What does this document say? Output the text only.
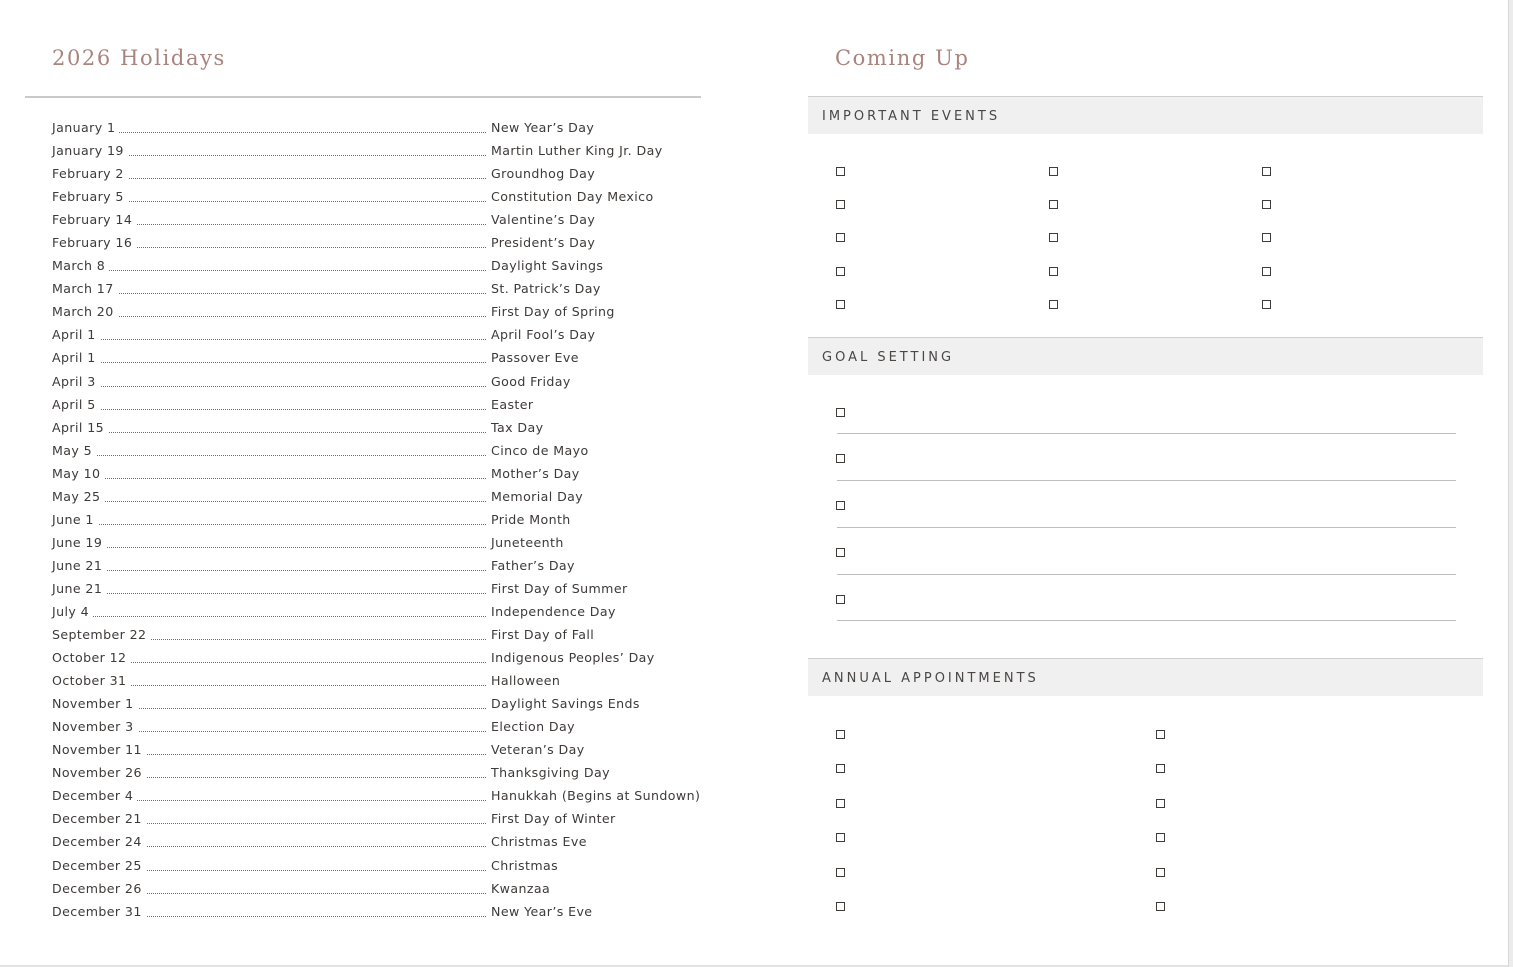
2026 Holidays
January 1	New Year’s Day
January 19	Martin Luther King Jr. Day
February 2	Groundhog Day
February 5	Constitution Day Mexico
February 14	Valentine’s Day
February 16	President’s Day
March 8	Daylight Savings
March 17	St. Patrick’s Day
March 20	First Day of Spring
April 1	April Fool’s Day
April 1	Passover Eve
April 3	Good Friday
April 5	Easter
April 15	Tax Day
May 5	Cinco de Mayo
May 10	Mother’s Day
May 25	Memorial Day
June 1	Pride Month
June 19	Juneteenth
June 21	Father’s Day
June 21	First Day of Summer
July 4	Independence Day
September 22	First Day of Fall
October 12	Indigenous Peoples’ Day
October 31	Halloween
November 1	Daylight Savings Ends
November 3	Election Day
November 11	Veteran’s Day
November 26	Thanksgiving Day
December 4	Hanukkah (Begins at Sundown)
December 21	First Day of Winter
December 24	Christmas Eve
December 25	Christmas
December 26	Kwanzaa
December 31	New Year’s Eve
Coming Up
IMPORTANT EVENTS
GOAL SETTING
ANNUAL APPOINTMENTS
